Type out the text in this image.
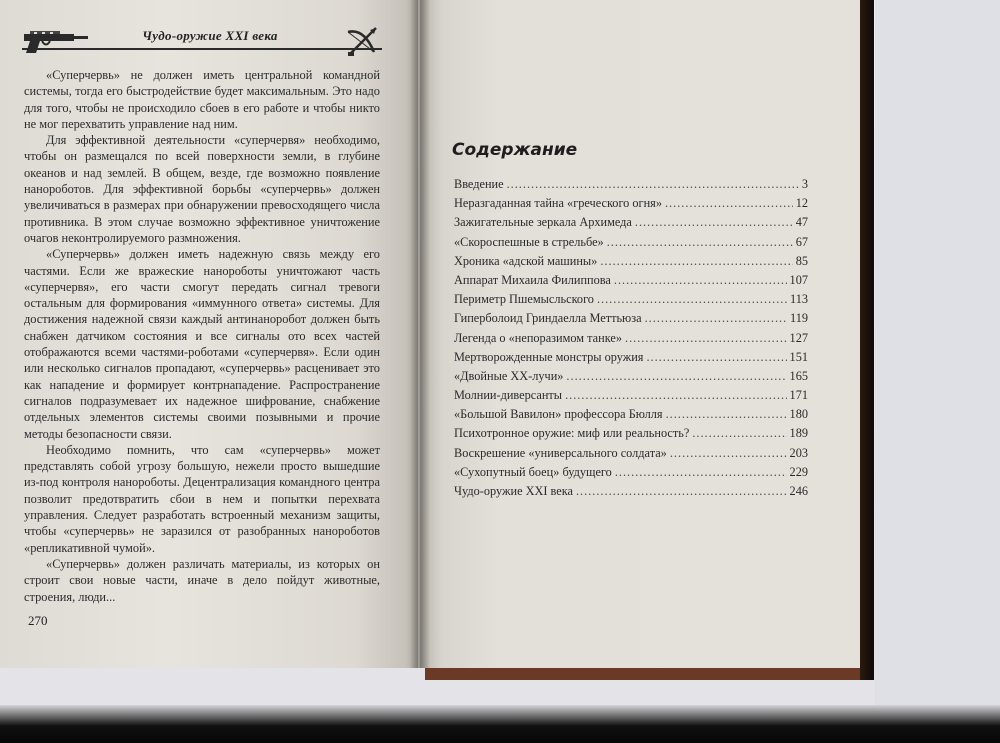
Чудо-оружие XXI века

«Суперчервь» не должен иметь центральной командной системы, тогда его быстродействие будет максимальным. Это надо для того, чтобы не происходило сбоев в его работе и чтобы никто не мог перехватить управление над ним.

Для эффективной деятельности «суперчервя» необходимо, чтобы он размещался по всей поверхности земли, в глубине океанов и над землей. В общем, везде, где возможно появление нанороботов. Для эффективной борьбы «суперчервь» должен увеличиваться в размерах при обнаружении превосходящего числа противника. В этом случае возможно эффективное уничтожение очагов неконтролируемого размножения.

«Суперчервь» должен иметь надежную связь между его частями. Если же вражеские нанороботы уничтожают часть «суперчервя», его части смогут передать сигнал тревоги остальным для формирования «иммунного ответа» системы. Для достижения надежной связи каждый антинаноробот должен быть снабжен датчиком состояния и все сигналы ото всех частей отображаются всеми частями-роботами «суперчервя». Если один или несколько сигналов пропадают, «суперчервь» расценивает это как нападение и формирует контрнападение. Распространение сигналов подразумевает их надежное шифрование, снабжение отдельных элементов системы своими позывными и прочие методы безопасности связи.

Необходимо помнить, что сам «суперчервь» может представлять собой угрозу большую, нежели просто вышедшие из-под контроля нанороботы. Децентрализация командного центра позволит предотвратить сбои в нем и попытки перехвата управления. Следует разработать встроенный механизм защиты, чтобы «суперчервь» не заразился от разобранных нанороботов «репликативной чумой».

«Суперчервь» должен различать материалы, из которых он строит свои новые части, иначе в дело пойдут животные, строения, люди...

270
Содержание
Введение .....	3
Неразгаданная тайна «греческого огня» .....	12
Зажигательные зеркала Архимеда .....	47
«Скороспешные в стрельбе» .....	67
Хроника «адской машины» .....	85
Аппарат Михаила Филиппова .....	107
Периметр Пшемысльского .....	113
Гиперболоид Гриндаелла Меттьюза .....	119
Легенда о «непоразимом танке» .....	127
Мертворожденные монстры оружия .....	151
«Двойные XX-лучи» .....	165
Молнии-диверсанты .....	171
«Большой Вавилон» профессора Бюлля .....	180
Психотронное оружие: миф или реальность? .....	189
Воскрешение «универсального солдата» .....	203
«Сухопутный боец» будущего .....	229
Чудо-оружие XXI века .....	246
